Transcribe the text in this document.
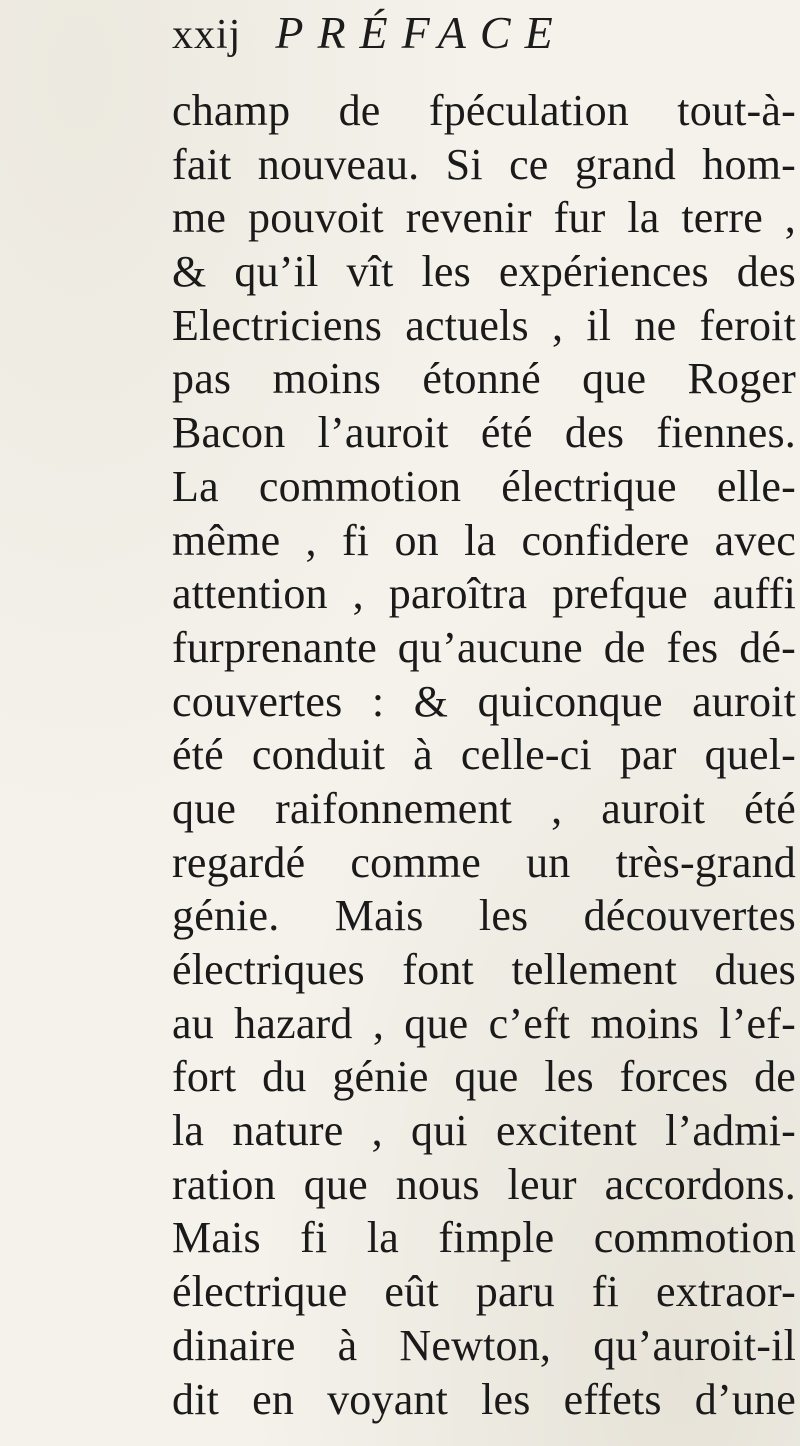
xxij PRÉFACE
champ de fpéculation tout-à-
fait nouveau. Si ce grand hom-
me pouvoit revenir fur la terre ,
& qu’il vît les expériences des
Electriciens actuels , il ne feroit
pas moins étonné que Roger
Bacon l’auroit été des fiennes.
La commotion électrique elle-
même , fi on la confidere avec
attention , paroîtra prefque auffi
furprenante qu’aucune de fes dé-
couvertes : & quiconque auroit
été conduit à celle-ci par quel-
que raifonnement , auroit été
regardé comme un très-grand
génie. Mais les découvertes
électriques font tellement dues
au hazard , que c’eft moins l’ef-
fort du génie que les forces de
la nature , qui excitent l’admi-
ration que nous leur accordons.
Mais fi la fimple commotion
électrique eût paru fi extraor-
dinaire à Newton, qu’auroit-il
dit en voyant les effets d’une
